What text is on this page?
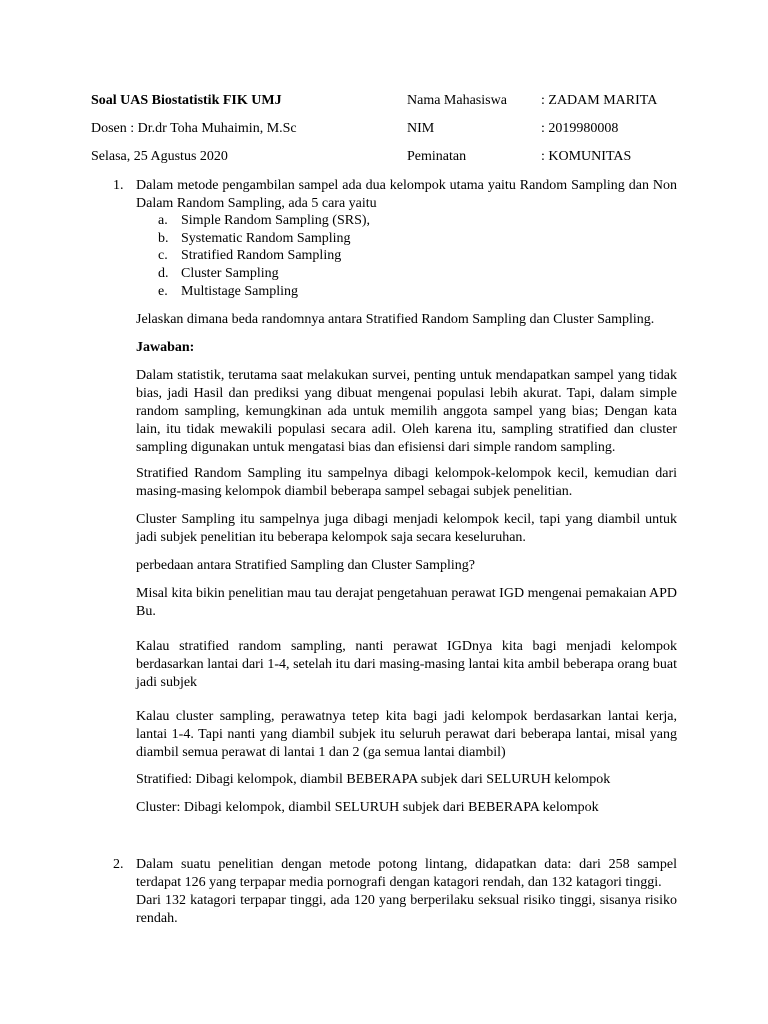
Soal UAS Biostatistik FIK UMJ
Dosen : Dr.dr Toha Muhaimin, M.Sc
Selasa, 25 Agustus 2020
Nama Mahasiswa : ZADAM MARITA
NIM	: 2019980008
Peminatan	: KOMUNITAS
1. Dalam metode pengambilan sampel ada dua kelompok utama yaitu Random Sampling dan Non Dalam Random Sampling, ada 5 cara yaitu
a. Simple Random Sampling (SRS),
b. Systematic Random Sampling
c. Stratified Random Sampling
d. Cluster Sampling
e. Multistage Sampling
Jelaskan dimana beda randomnya antara Stratified Random Sampling dan Cluster Sampling.
Jawaban:
Dalam statistik, terutama saat melakukan survei, penting untuk mendapatkan sampel yang tidak bias, jadi Hasil dan prediksi yang dibuat mengenai populasi lebih akurat. Tapi, dalam simple random sampling, kemungkinan ada untuk memilih anggota sampel yang bias; Dengan kata lain, itu tidak mewakili populasi secara adil. Oleh karena itu, sampling stratified dan cluster sampling digunakan untuk mengatasi bias dan efisiensi dari simple random sampling.
Stratified Random Sampling itu sampelnya dibagi kelompok-kelompok kecil, kemudian dari masing-masing kelompok diambil beberapa sampel sebagai subjek penelitian.
Cluster Sampling itu sampelnya juga dibagi menjadi kelompok kecil, tapi yang diambil untuk jadi subjek penelitian itu beberapa kelompok saja secara keseluruhan.
perbedaan antara Stratified Sampling dan Cluster Sampling?
Misal kita bikin penelitian mau tau derajat pengetahuan perawat IGD mengenai pemakaian APD Bu.
Kalau stratified random sampling, nanti perawat IGDnya kita bagi menjadi kelompok berdasarkan lantai dari 1-4, setelah itu dari masing-masing lantai kita ambil beberapa orang buat jadi subjek
Kalau cluster sampling, perawatnya tetep kita bagi jadi kelompok berdasarkan lantai kerja, lantai 1-4. Tapi nanti yang diambil subjek itu seluruh perawat dari beberapa lantai, misal yang diambil semua perawat di lantai 1 dan 2 (ga semua lantai diambil)
Stratified: Dibagi kelompok, diambil BEBERAPA subjek dari SELURUH kelompok
Cluster: Dibagi kelompok, diambil SELURUH subjek dari BEBERAPA kelompok
2. Dalam suatu penelitian dengan metode potong lintang, didapatkan data: dari 258 sampel terdapat 126 yang terpapar media pornografi dengan katagori rendah, dan 132 katagori tinggi.

Dari 132 katagori terpapar tinggi, ada 120 yang berperilaku seksual risiko tinggi, sisanya risiko rendah.
